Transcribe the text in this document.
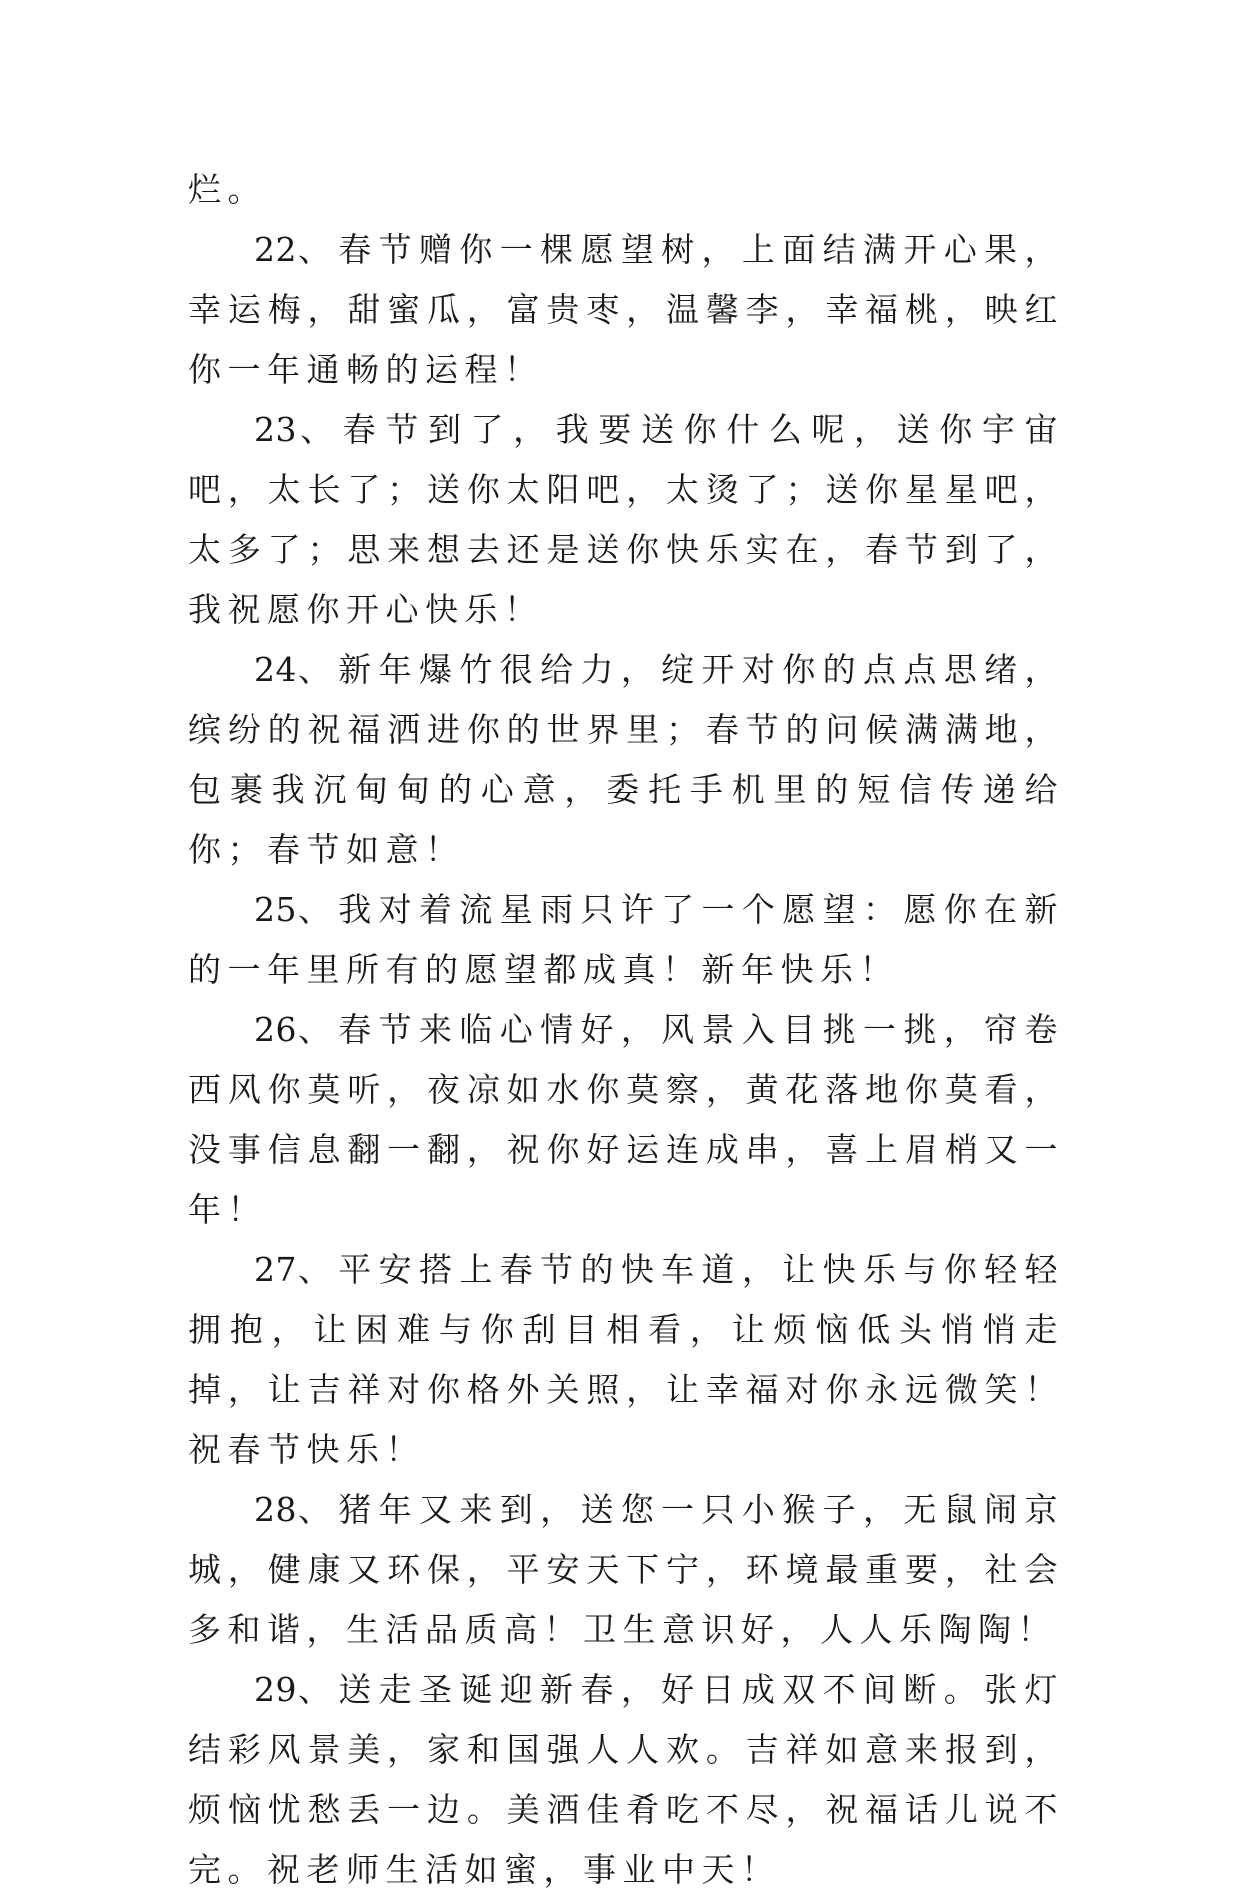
烂。

22、春节赠你一棵愿望树，上面结满开心果，幸运梅，甜蜜瓜，富贵枣，温馨李，幸福桃，映红你一年通畅的运程！

23、春节到了，我要送你什么呢，送你宇宙吧，太长了；送你太阳吧，太烫了；送你星星吧，太多了；思来想去还是送你快乐实在，春节到了，我祝愿你开心快乐！

24、新年爆竹很给力，绽开对你的点点思绪，缤纷的祝福洒进你的世界里；春节的问候满满地，包裹我沉甸甸的心意，委托手机里的短信传递给你；春节如意！

25、我对着流星雨只许了一个愿望：愿你在新的一年里所有的愿望都成真！新年快乐！

26、春节来临心情好，风景入目挑一挑，帘卷西风你莫听，夜凉如水你莫察，黄花落地你莫看，没事信息翻一翻，祝你好运连成串，喜上眉梢又一年！

27、平安搭上春节的快车道，让快乐与你轻轻拥抱，让困难与你刮目相看，让烦恼低头悄悄走掉，让吉祥对你格外关照，让幸福对你永远微笑！祝春节快乐！

28、猪年又来到，送您一只小猴子，无鼠闹京城，健康又环保，平安天下宁，环境最重要，社会多和谐，生活品质高！卫生意识好，人人乐陶陶！

29、送走圣诞迎新春，好日成双不间断。张灯结彩风景美，家和国强人人欢。吉祥如意来报到，烦恼忧愁丢一边。美酒佳肴吃不尽，祝福话儿说不完。祝老师生活如蜜，事业中天！
